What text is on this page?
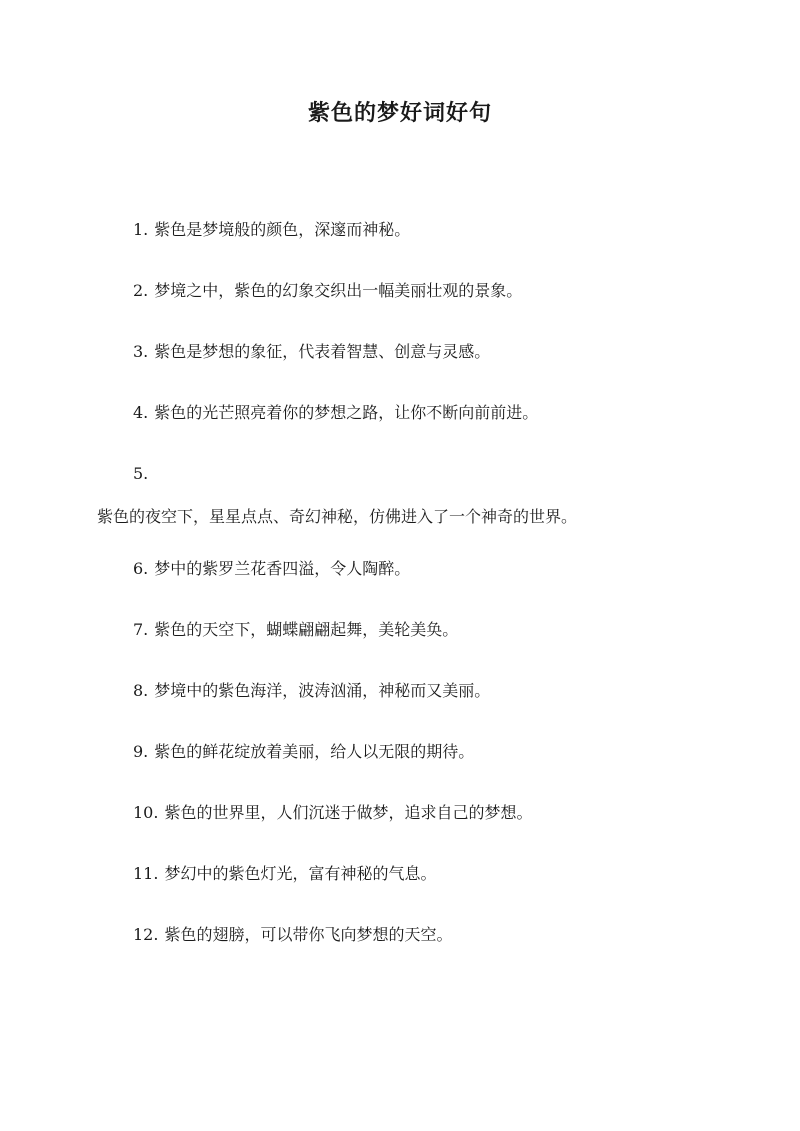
紫色的梦好词好句
1. 紫色是梦境般的颜色，深邃而神秘。
2. 梦境之中，紫色的幻象交织出一幅美丽壮观的景象。
3. 紫色是梦想的象征，代表着智慧、创意与灵感。
4. 紫色的光芒照亮着你的梦想之路，让你不断向前前进。
5.
紫色的夜空下，星星点点、奇幻神秘，仿佛进入了一个神奇的世界。
6. 梦中的紫罗兰花香四溢，令人陶醉。
7. 紫色的天空下，蝴蝶翩翩起舞，美轮美奂。
8. 梦境中的紫色海洋，波涛汹涌，神秘而又美丽。
9. 紫色的鲜花绽放着美丽，给人以无限的期待。
10. 紫色的世界里，人们沉迷于做梦，追求自己的梦想。
11. 梦幻中的紫色灯光，富有神秘的气息。
12. 紫色的翅膀，可以带你飞向梦想的天空。
